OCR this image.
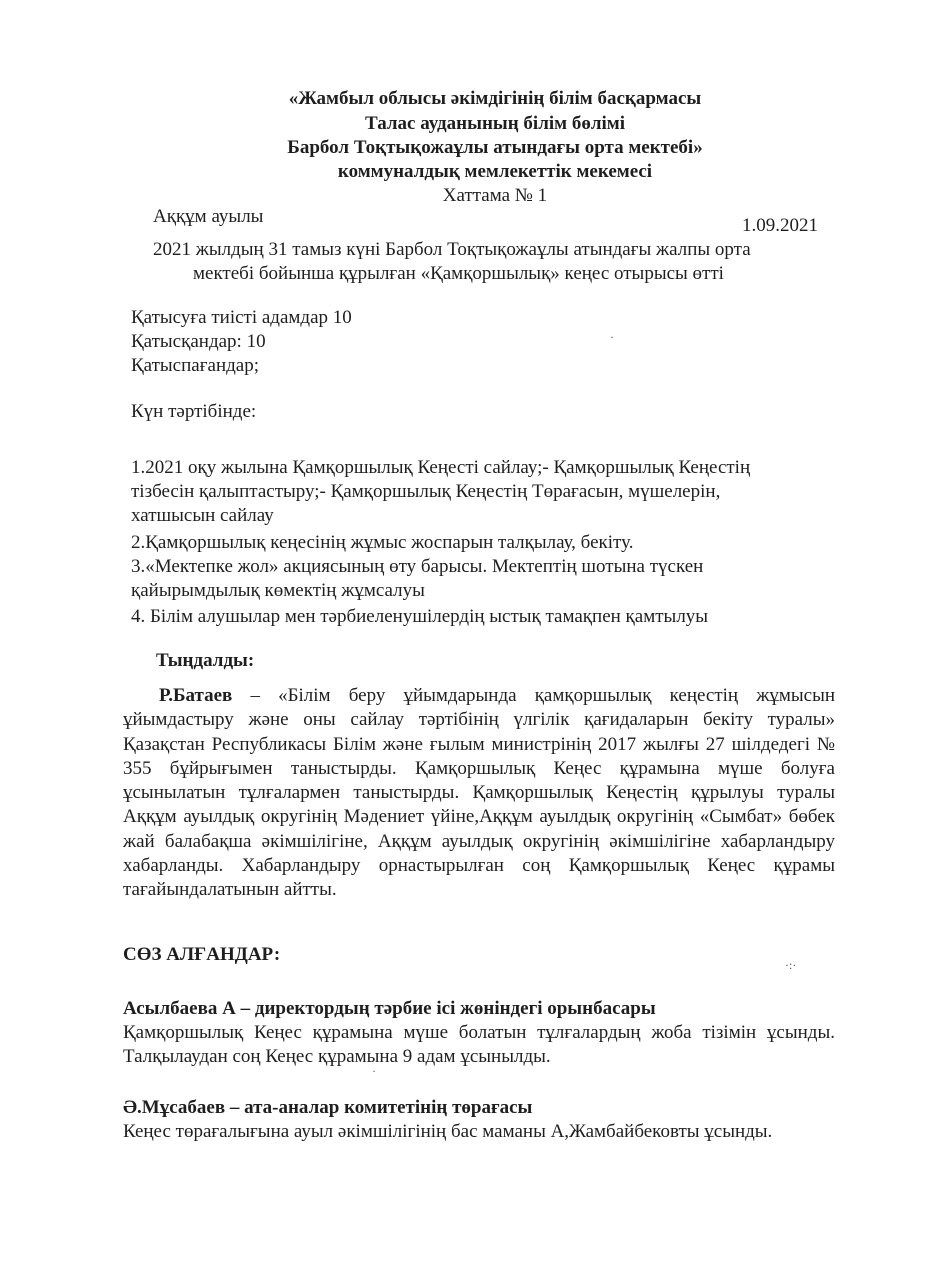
«Жамбыл облысы әкімдігінің білім басқармасы
Талас ауданының білім бөлімі
Барбол Тоқтықожаұлы атындағы орта мектебі»
коммуналдық мемлекеттік мекемесі
Хаттама № 1
Аққұм ауылы	1.09.2021
2021 жылдың 31 тамыз күні Барбол Тоқтықожаұлы атындағы жалпы орта
мектебі бойынша құрылған «Қамқоршылық» кеңес отырысы өтті
Қатысуға тиісті адамдар 10
Қатысқандар: 10
Қатыспағандар;
Күн тәртібінде:
1.2021 оқу жылына Қамқоршылық Кеңесті сайлау;- Қамқоршылық Кеңестің
тізбесін қалыптастыру;- Қамқоршылық Кеңестің Төрағасын, мүшелерін,
хатшысын сайлау
2.Қамқоршылық кеңесінің жұмыс жоспарын талқылау, бекіту.
3.«Мектепке жол» акциясының өту барысы. Мектептің шотына түскен
қайырымдылық көмектің жұмсалуы
4. Білім алушылар мен тәрбиеленушілердің ыстық тамақпен қамтылуы
Тыңдалды:
Р.Батаев – «Білім беру ұйымдарында қамқоршылық кеңестің жұмысын ұйымдастыру және оны сайлау тәртібінің үлгілік қағидаларын бекіту туралы» Қазақстан Республикасы Білім және ғылым министрінің 2017 жылғы 27 шілдедегі № 355 бұйрығымен таныстырды. Қамқоршылық Кеңес құрамына мүше болуға ұсынылатын тұлғалармен таныстырды. Қамқоршылық Кеңестің құрылуы туралы Аққұм ауылдық округінің Мәдениет үйіне,Аққұм ауылдық округінің «Сымбат» бөбек жай балабақша әкімшілігіне, Аққұм ауылдық округінің әкімшілігіне хабарландыру хабарланды. Хабарландыру орнастырылған соң Қамқоршылық Кеңес құрамы тағайындалатынын айтты.
СӨЗ АЛҒАНДАР:
Асылбаева А – директордың тәрбие ісі жөніндегі орынбасары
Қамқоршылық Кеңес құрамына мүше болатын тұлғалардың жоба тізімін ұсынды. Талқылаудан соң Кеңес құрамына 9 адам ұсынылды.
Ә.Мұсабаев – ата-аналар комитетінің төрағасы
Кеңес төрағалығына ауыл әкімшілігінің бас маманы А,Жамбайбековты ұсынды.
·:·
·
·
